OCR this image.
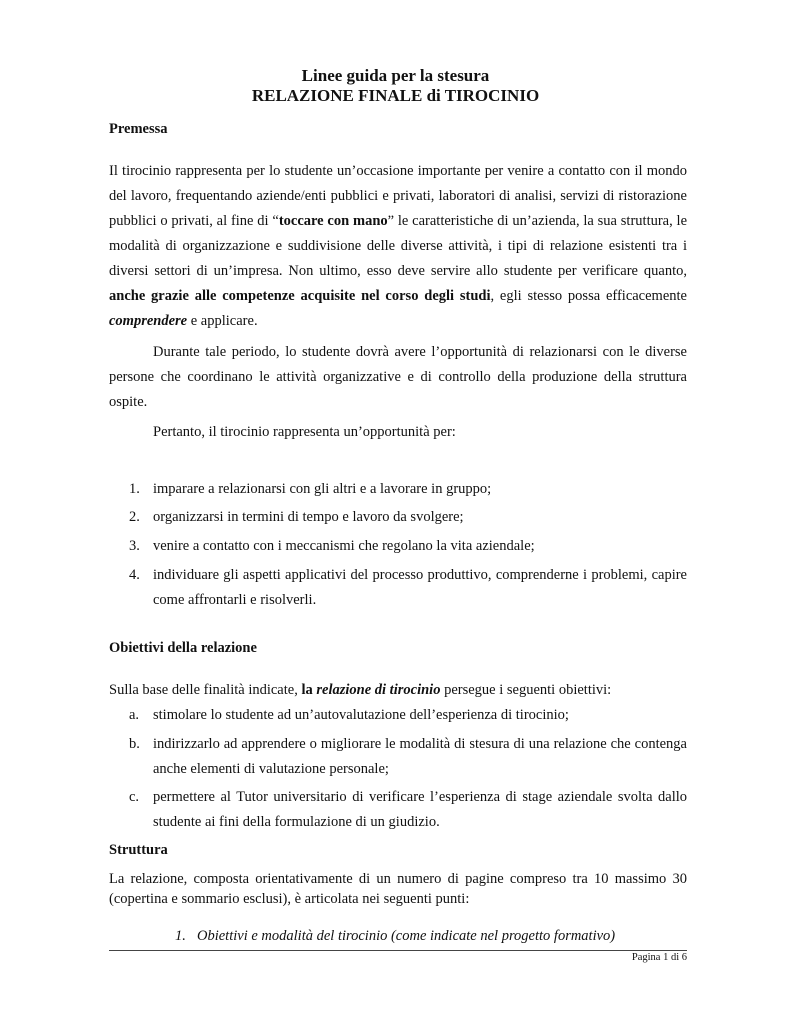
Linee guida per la stesura
RELAZIONE FINALE di TIROCINIO
Premessa

Il tirocinio rappresenta per lo studente un’occasione importante per venire a contatto con il mondo del lavoro, frequentando aziende/enti pubblici e privati, laboratori di analisi, servizi di ristorazione pubblici o privati, al fine di “toccare con mano” le caratteristiche di un’azienda, la sua struttura, le modalità di organizzazione e suddivisione delle diverse attività, i tipi di relazione esistenti tra i diversi settori di un’impresa. Non ultimo, esso deve servire allo studente per verificare quanto, anche grazie alle competenze acquisite nel corso degli studi, egli stesso possa efficacemente comprendere e applicare.

Durante tale periodo, lo studente dovrà avere l’opportunità di relazionarsi con le diverse persone che coordinano le attività organizzative e di controllo della produzione della struttura ospite.

Pertanto, il tirocinio rappresenta un’opportunità per:

1. imparare a relazionarsi con gli altri e a lavorare in gruppo;
2. organizzarsi in termini di tempo e lavoro da svolgere;
3. venire a contatto con i meccanismi che regolano la vita aziendale;
4. individuare gli aspetti applicativi del processo produttivo, comprenderne i problemi, capire come affrontarli e risolverli.
Obiettivi della relazione

Sulla base delle finalità indicate, la relazione di tirocinio persegue i seguenti obiettivi:

a. stimolare lo studente ad un’autovalutazione dell’esperienza di tirocinio;
b. indirizzarlo ad apprendere o migliorare le modalità di stesura di una relazione che contenga anche elementi di valutazione personale;
c. permettere al Tutor universitario di verificare l’esperienza di stage aziendale svolta dallo studente ai fini della formulazione di un giudizio.
Struttura

La relazione, composta orientativamente di un numero di pagine compreso tra 10 massimo 30 (copertina e sommario esclusi), è articolata nei seguenti punti:

1. Obiettivi e modalità del tirocinio (come indicate nel progetto formativo)
Pagina 1 di 6
